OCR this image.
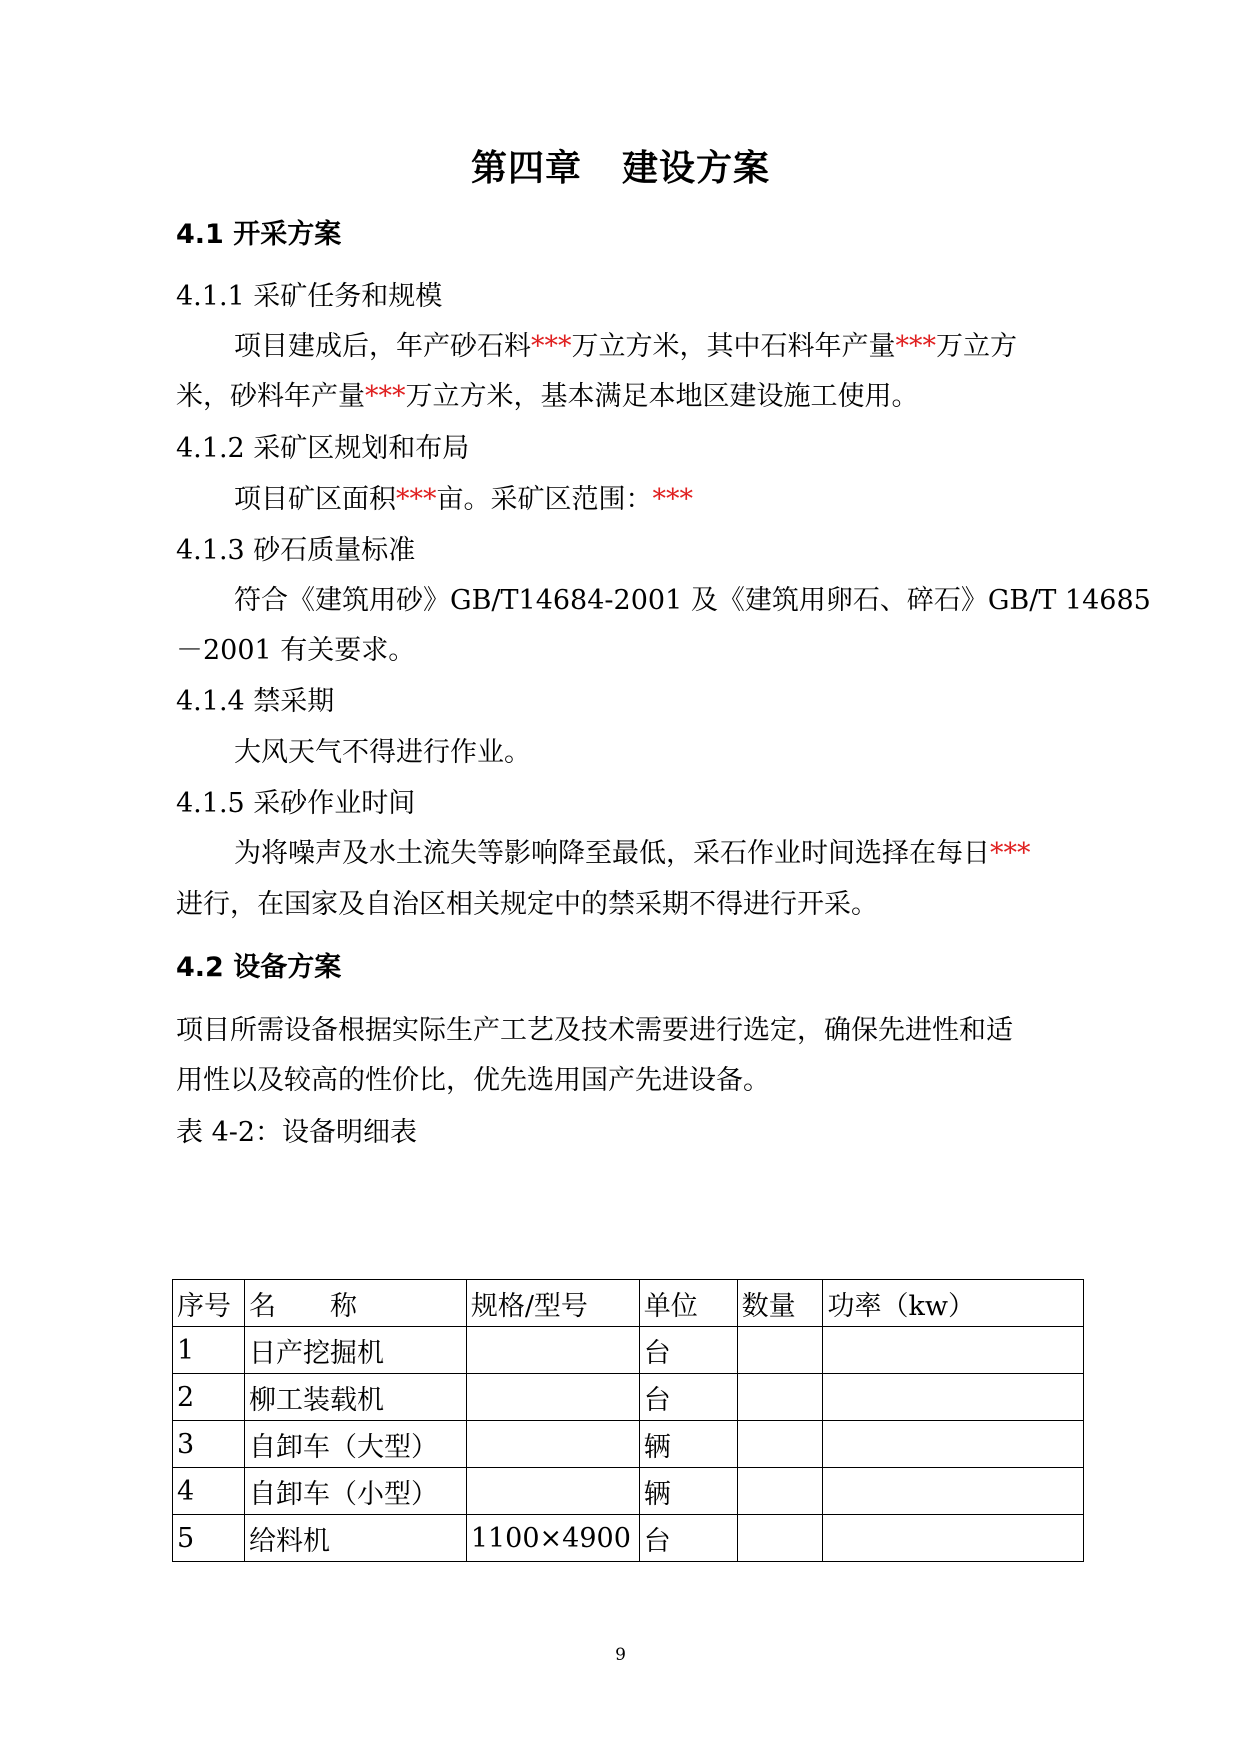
第四章 建设方案
4.1 开采方案
4.1.1 采矿任务和规模
项目建成后，年产砂石料***万立方米，其中石料年产量***万立方
米，砂料年产量***万立方米，基本满足本地区建设施工使用。
4.1.2 采矿区规划和布局
项目矿区面积***亩。采矿区范围：***
4.1.3 砂石质量标准
符合《建筑用砂》GB/T14684-2001 及《建筑用卵石、碎石》GB/T 14685
－2001 有关要求。
4.1.4 禁采期
大风天气不得进行作业。
4.1.5 采砂作业时间
为将噪声及水土流失等影响降至最低，采石作业时间选择在每日***
进行，在国家及自治区相关规定中的禁采期不得进行开采。
4.2 设备方案
项目所需设备根据实际生产工艺及技术需要进行选定，确保先进性和适
用性以及较高的性价比，优先选用国产先进设备。
表 4-2：设备明细表
序号	名　　称	规格/型号	单位	数量	功率（kw）
1	日产挖掘机		台		
2	柳工装载机		台		
3	自卸车（大型）		辆		
4	自卸车（小型）		辆		
5	给料机	1100×4900	台		
9
